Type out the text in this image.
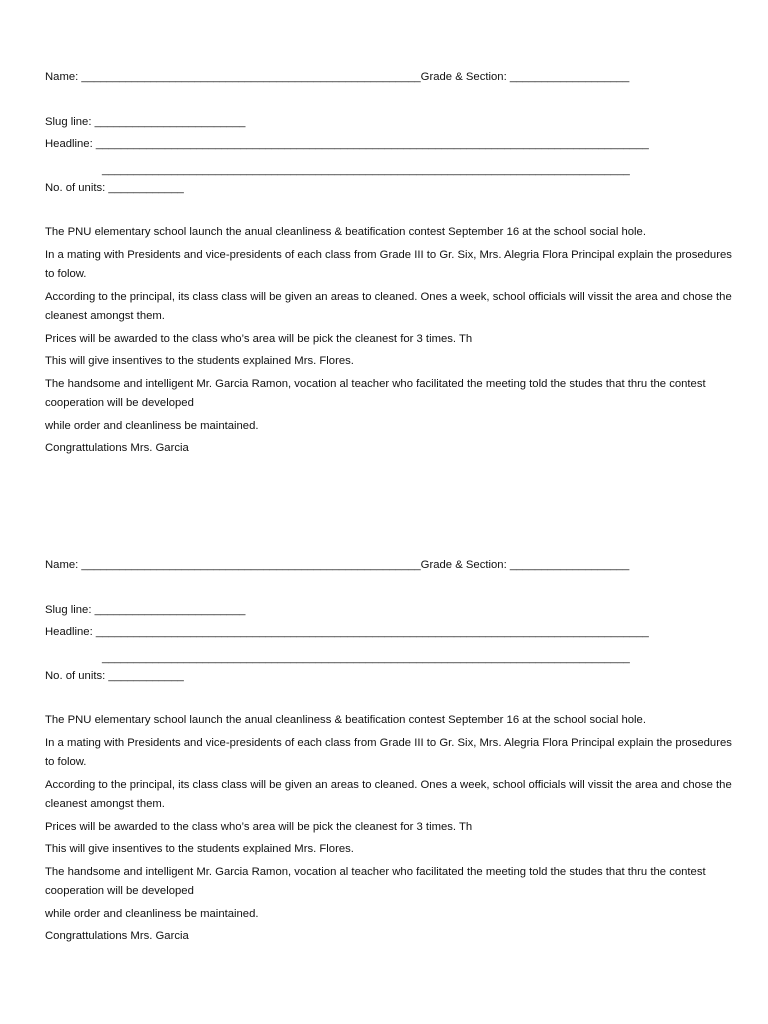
Name: ______________________________________________________Grade & Section: ___________________
Slug line: ________________________
Headline: ________________________________________________________________________________________
____________________________________________________________________________________
No. of units: ____________
The PNU elementary school launch the anual cleanliness & beatification contest September 16 at the school social hole.
In a mating with Presidents and vice-presidents of each class from Grade III to Gr. Six, Mrs. Alegria Flora Principal explain the prosedures to folow.
According to the principal, its class class will be given an areas to cleaned. Ones a week, school officials will vissit the area and chose the cleanest amongst them.
Prices will be awarded to the class who’s area will be pick the cleanest for 3 times. Th
This will give insentives to the students explained Mrs. Flores.
The handsome and intelligent Mr. Garcia Ramon, vocation al teacher who facilitated the meeting told the studes that thru the contest cooperation will be developed
while order and cleanliness be maintained.
Congrattulations Mrs. Garcia
Name: ______________________________________________________Grade & Section: ___________________
Slug line: ________________________
Headline: ________________________________________________________________________________________
____________________________________________________________________________________
No. of units: ____________
The PNU elementary school launch the anual cleanliness & beatification contest September 16 at the school social hole.
In a mating with Presidents and vice-presidents of each class from Grade III to Gr. Six, Mrs. Alegria Flora Principal explain the prosedures to folow.
According to the principal, its class class will be given an areas to cleaned. Ones a week, school officials will vissit the area and chose the cleanest amongst them.
Prices will be awarded to the class who’s area will be pick the cleanest for 3 times. Th
This will give insentives to the students explained Mrs. Flores.
The handsome and intelligent Mr. Garcia Ramon, vocation al teacher who facilitated the meeting told the studes that thru the contest cooperation will be developed
while order and cleanliness be maintained.
Congrattulations Mrs. Garcia
